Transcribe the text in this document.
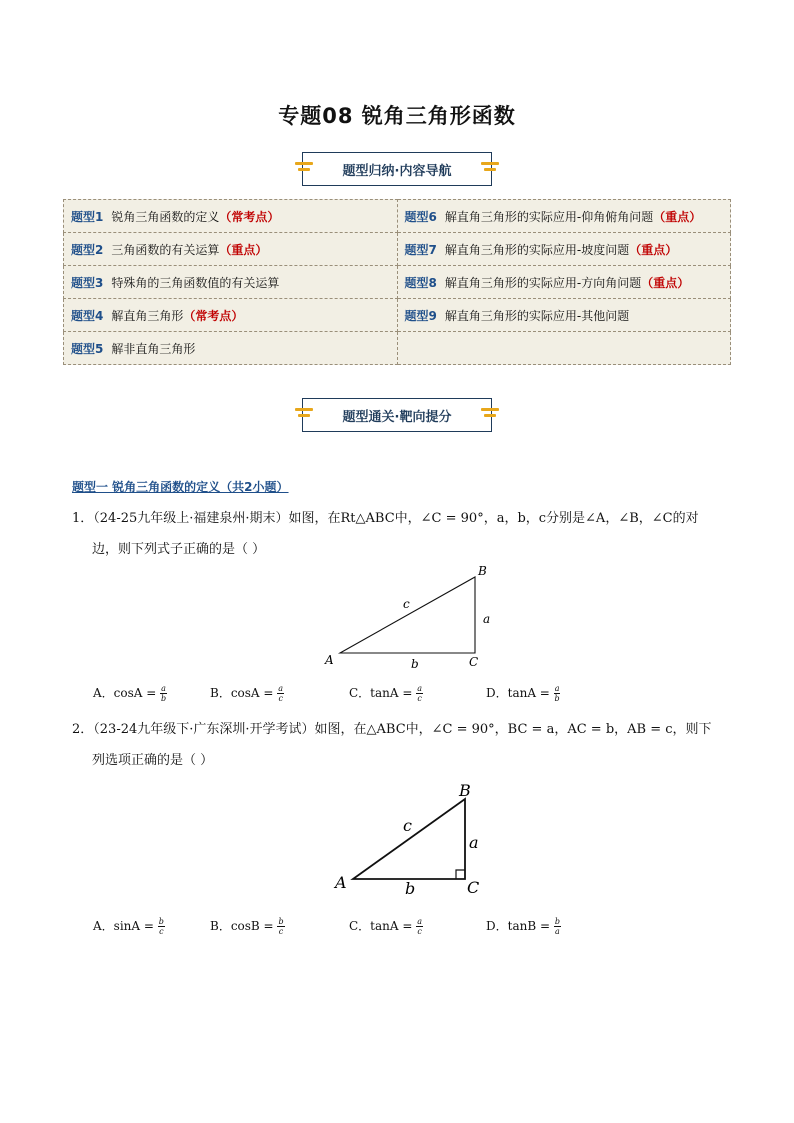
专题08 锐角三角形函数
题型归纳·内容导航
题型1 锐角三角函数的定义（常考点）	题型6 解直角三角形的实际应用-仰角俯角问题（重点）
题型2 三角函数的有关运算（重点）	题型7 解直角三角形的实际应用-坡度问题（重点）
题型3 特殊角的三角函数值的有关运算	题型8 解直角三角形的实际应用-方向角问题（重点）
题型4 解直角三角形（常考点）	题型9 解直角三角形的实际应用-其他问题
题型5 解非直角三角形	
题型通关·靶向提分
题型一 锐角三角函数的定义（共2小题）
1．（24-25九年级上·福建泉州·期末）如图，在Rt△ABC中，∠C = 90°，a，b，c分别是∠A，∠B，∠C的对
边，则下列式子正确的是（ ）
A
B
C
a
b
c
A．$\cos A = \frac{a}{b}$	B．$\cos A = \frac{a}{c}$	C．$\tan A = \frac{a}{c}$	D．$\tan A = \frac{a}{b}$
2．（23-24九年级下·广东深圳·开学考试）如图，在△ABC中，∠C = 90°，BC = a，AC = b，AB = c，则下
列选项正确的是（ ）
A
B
C
a
b
c
A．$\sin A = \frac{b}{c}$	B．$\cos B = \frac{b}{c}$	C．$\tan A = \frac{a}{c}$	D．$\tan B = \frac{b}{a}$
